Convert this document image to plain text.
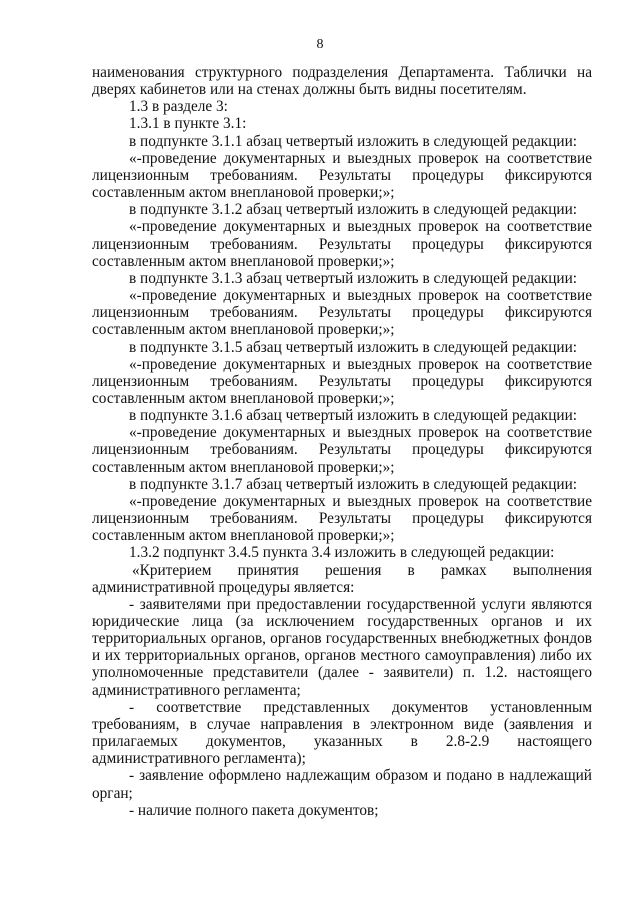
8

наименования структурного подразделения Департамента. Таблички на дверях кабинетов или на стенах должны быть видны посетителям.

1.3 в разделе 3:

1.3.1 в пункте 3.1:

в подпункте 3.1.1 абзац четвертый изложить в следующей редакции:

«-проведение документарных и выездных проверок на соответствие лицензионным требованиям. Результаты процедуры фиксируются составленным актом внеплановой проверки;»;

в подпункте 3.1.2 абзац четвертый изложить в следующей редакции:

«-проведение документарных и выездных проверок на соответствие лицензионным требованиям. Результаты процедуры фиксируются составленным актом внеплановой проверки;»;

в подпункте 3.1.3 абзац четвертый изложить в следующей редакции:

«-проведение документарных и выездных проверок на соответствие лицензионным требованиям. Результаты процедуры фиксируются составленным актом внеплановой проверки;»;

в подпункте 3.1.5 абзац четвертый изложить в следующей редакции:

«-проведение документарных и выездных проверок на соответствие лицензионным требованиям. Результаты процедуры фиксируются составленным актом внеплановой проверки;»;

в подпункте 3.1.6 абзац четвертый изложить в следующей редакции:

«-проведение документарных и выездных проверок на соответствие лицензионным требованиям. Результаты процедуры фиксируются составленным актом внеплановой проверки;»;

в подпункте 3.1.7 абзац четвертый изложить в следующей редакции:

«-проведение документарных и выездных проверок на соответствие лицензионным требованиям. Результаты процедуры фиксируются составленным актом внеплановой проверки;»;

1.3.2 подпункт 3.4.5 пункта 3.4 изложить в следующей редакции:

«Критерием принятия решения в рамках выполнения административной процедуры является:

- заявителями при предоставлении государственной услуги являются юридические лица (за исключением государственных органов и их территориальных органов, органов государственных внебюджетных фондов и их территориальных органов, органов местного самоуправления) либо их уполномоченные представители (далее - заявители) п. 1.2. настоящего административного регламента;

- соответствие представленных документов установленным требованиям, в случае направления в электронном виде (заявления и прилагаемых документов, указанных в 2.8-2.9 настоящего административного регламента);

- заявление оформлено надлежащим образом и подано в надлежащий орган;

- наличие полного пакета документов;
